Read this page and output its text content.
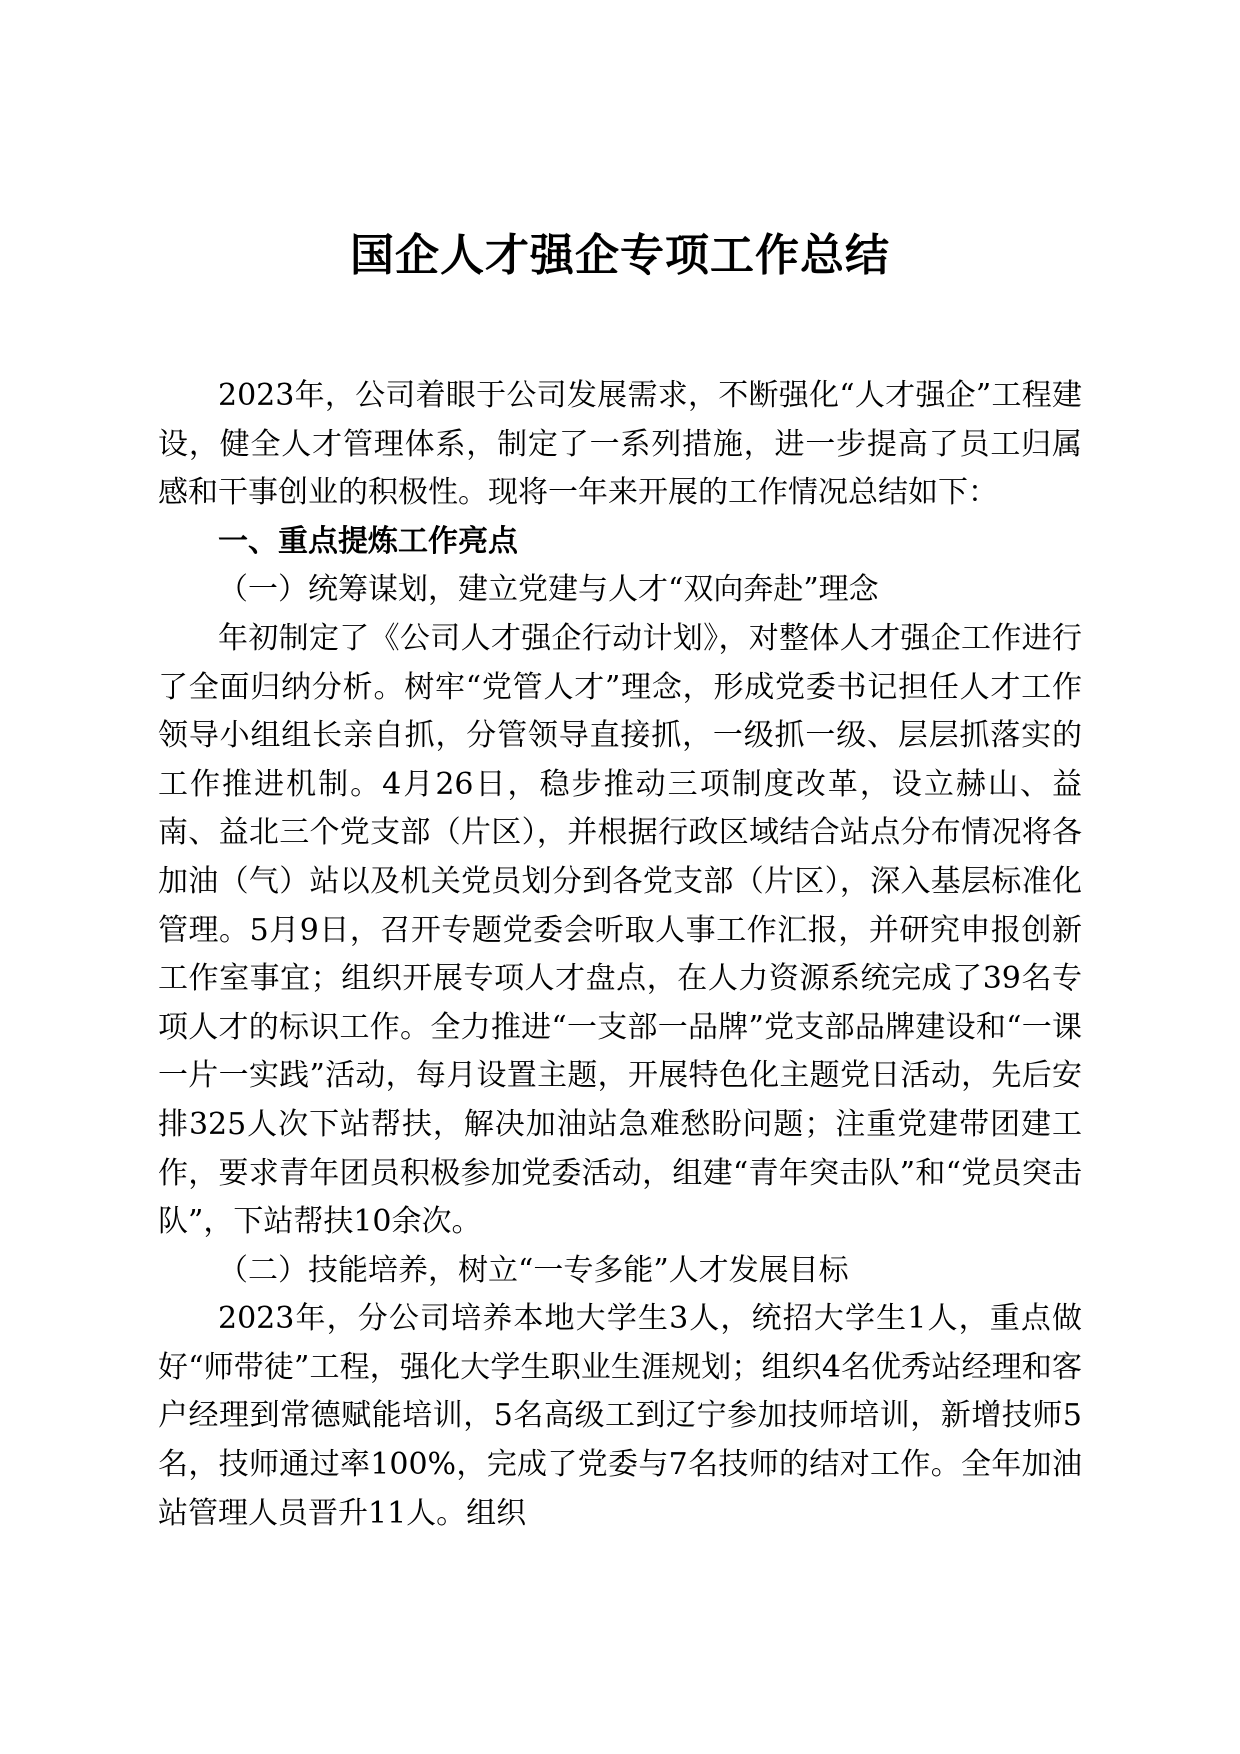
国企人才强企专项工作总结

2023年，公司着眼于公司发展需求，不断强化“人才强企”工程建设，健全人才管理体系，制定了一系列措施，进一步提高了员工归属感和干事创业的积极性。现将一年来开展的工作情况总结如下：

一、重点提炼工作亮点
（一）统筹谋划，建立党建与人才“双向奔赴”理念

年初制定了《公司人才强企行动计划》，对整体人才强企工作进行了全面归纳分析。树牢“党管人才”理念，形成党委书记担任人才工作领导小组组长亲自抓，分管领导直接抓，一级抓一级、层层抓落实的工作推进机制。4月26日，稳步推动三项制度改革，设立赫山、益南、益北三个党支部（片区），并根据行政区域结合站点分布情况将各加油（气）站以及机关党员划分到各党支部（片区），深入基层标准化管理。5月9日，召开专题党委会听取人事工作汇报，并研究申报创新工作室事宜；组织开展专项人才盘点，在人力资源系统完成了39名专项人才的标识工作。全力推进“一支部一品牌”党支部品牌建设和“一课一片一实践”活动，每月设置主题，开展特色化主题党日活动，先后安排325人次下站帮扶，解决加油站急难愁盼问题；注重党建带团建工作，要求青年团员积极参加党委活动，组建“青年突击队”和“党员突击队”，下站帮扶10余次。

（二）技能培养，树立“一专多能”人才发展目标

2023年，分公司培养本地大学生3人，统招大学生1人，重点做好“师带徒”工程，强化大学生职业生涯规划；组织4名优秀站经理和客户经理到常德赋能培训，5名高级工到辽宁参加技师培训，新增技师5名，技师通过率100%，完成了党委与7名技师的结对工作。全年加油站管理人员晋升11人。组织
